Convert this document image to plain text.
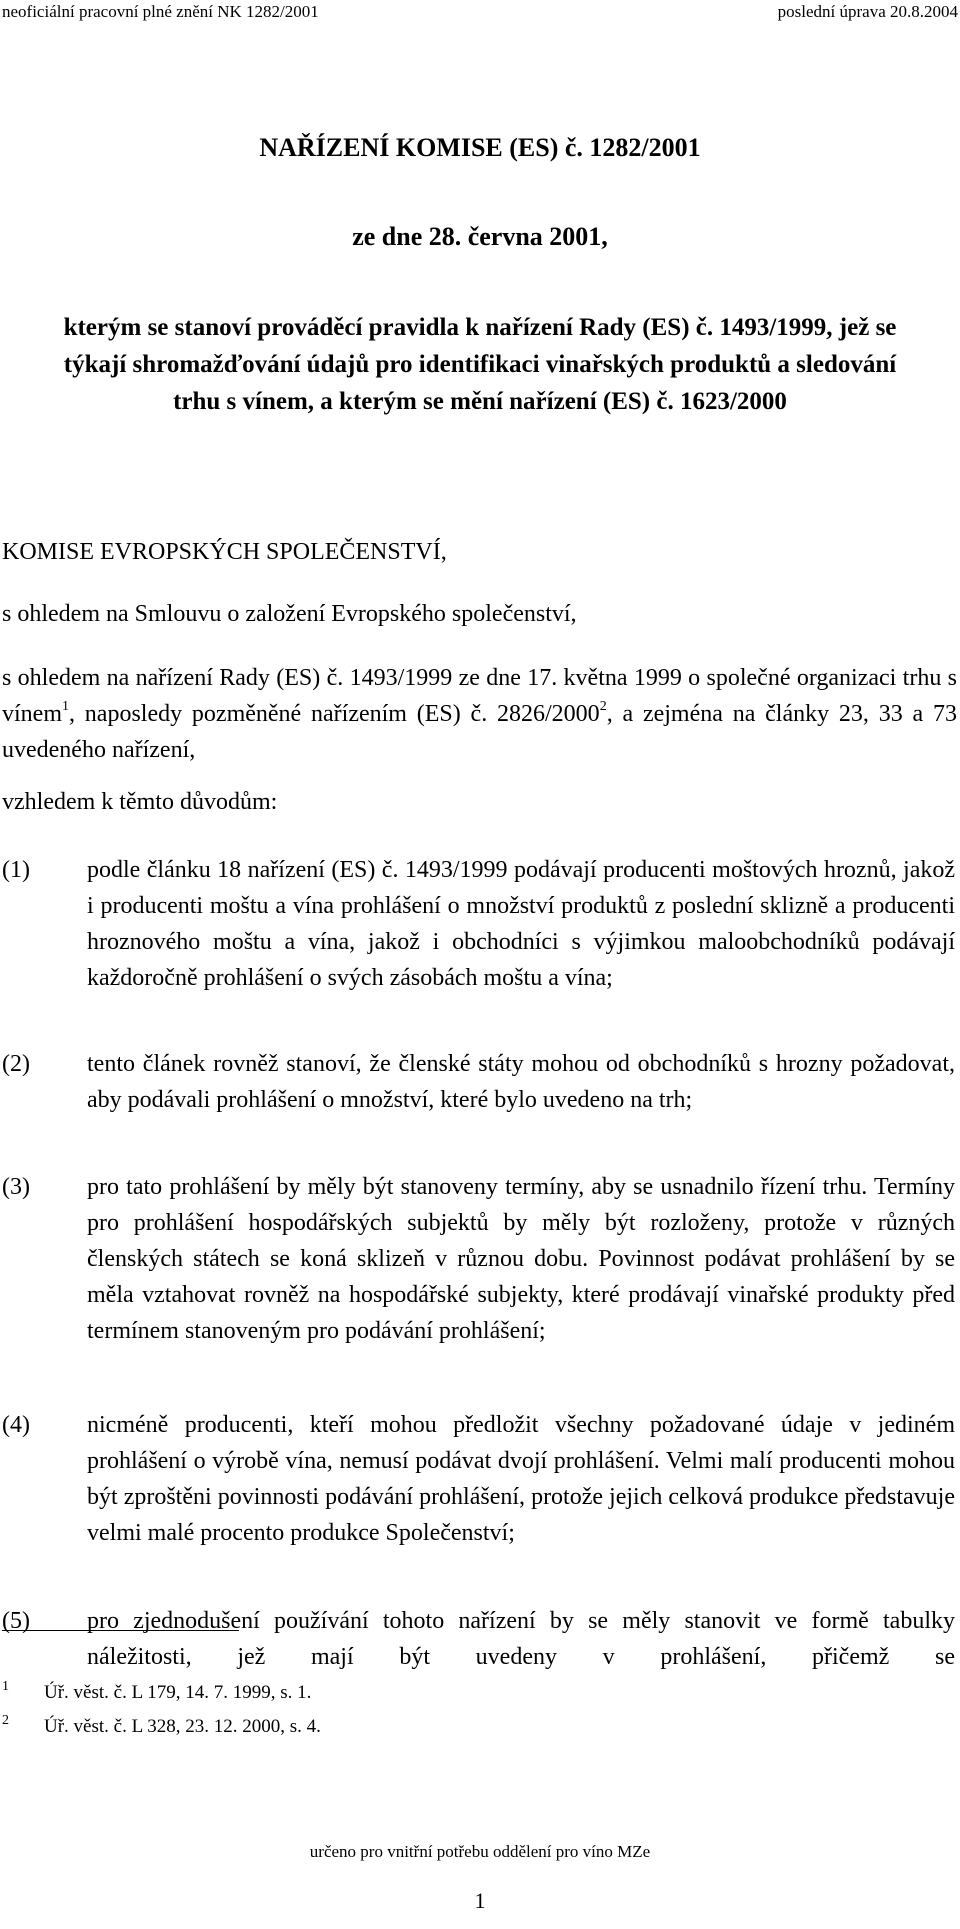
neoficiální pracovní plné znění NK 1282/2001	poslední úprava 20.8.2004
NAŘÍZENÍ KOMISE (ES) č. 1282/2001
ze dne 28. června 2001,
kterým se stanoví prováděcí pravidla k nařízení Rady (ES) č. 1493/1999, jež se týkají shromažďování údajů pro identifikaci vinařských produktů a sledování trhu s vínem, a kterým se mění nařízení (ES) č. 1623/2000
KOMISE EVROPSKÝCH SPOLEČENSTVÍ,
s ohledem na Smlouvu o založení Evropského společenství,
s ohledem na nařízení Rady (ES) č. 1493/1999 ze dne 17. května 1999 o společné organizaci trhu s vínem$^1$, naposledy pozměněné nařízením (ES) č. 2826/2000$^2$, a zejména na články 23, 33 a 73 uvedeného nařízení,
vzhledem k těmto důvodům:
(1) podle článku 18 nařízení (ES) č. 1493/1999 podávají producenti moštových hroznů, jakož i producenti moštu a vína prohlášení o množství produktů z poslední sklizně a producenti hroznového moštu a vína, jakož i obchodníci s výjimkou maloobchodníků podávají každoročně prohlášení o svých zásobách moštu a vína;
(2) tento článek rovněž stanoví, že členské státy mohou od obchodníků s hrozny požadovat, aby podávali prohlášení o množství, které bylo uvedeno na trh;
(3) pro tato prohlášení by měly být stanoveny termíny, aby se usnadnilo řízení trhu. Termíny pro prohlášení hospodářských subjektů by měly být rozloženy, protože v různých členských státech se koná sklizeň v různou dobu. Povinnost podávat prohlášení by se měla vztahovat rovněž na hospodářské subjekty, které prodávají vinařské produkty před termínem stanoveným pro podávání prohlášení;
(4) nicméně producenti, kteří mohou předložit všechny požadované údaje v jediném prohlášení o výrobě vína, nemusí podávat dvojí prohlášení. Velmi malí producenti mohou být zproštěni povinnosti podávání prohlášení, protože jejich celková produkce představuje velmi malé procento produkce Společenství;
(5) pro zjednodušení používání tohoto nařízení by se měly stanovit ve formě tabulky náležitosti, jež mají být uvedeny v prohlášení, přičemž se
1 Úř. věst. č. L 179, 14. 7. 1999, s. 1.
2 Úř. věst. č. L 328, 23. 12. 2000, s. 4.
určeno pro vnitřní potřebu oddělení pro víno MZe
1
